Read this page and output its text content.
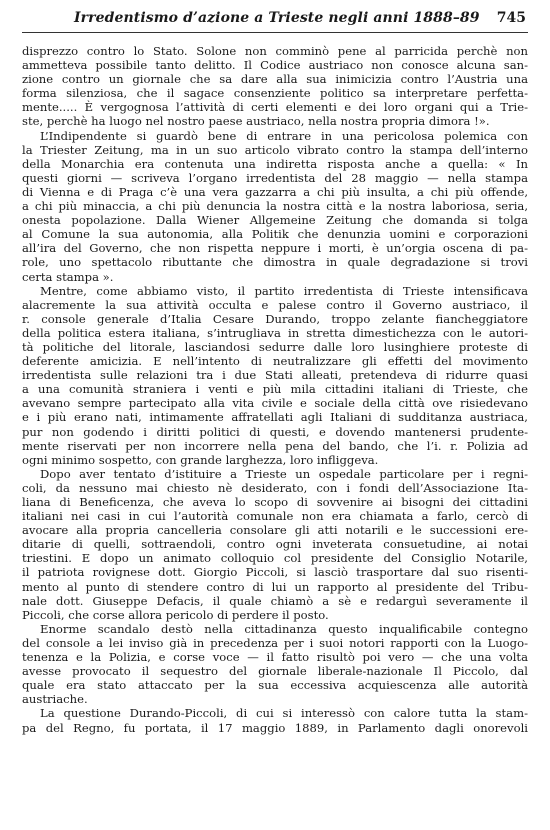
Irredentismo d’azione a Trieste negli anni 1888–89 745
disprezzo contro lo Stato. Solone non comminò pene al parricida perchè non
ammetteva possibile tanto delitto. Il Codice austriaco non conosce alcuna san-
zione contro un giornale che sa dare alla sua inimicizia contro l’Austria una
forma silenziosa, che il sagace consenziente politico sa interpretare perfetta-
mente..... È vergognosa l’attività di certi elementi e dei loro organi qui a Trie-
ste, perchè ha luogo nel nostro paese austriaco, nella nostra propria dimora !».
L’Indipendente si guardò bene di entrare in una pericolosa polemica con
la Triester Zeitung, ma in un suo articolo vibrato contro la stampa dell’interno
della Monarchia era contenuta una indiretta risposta anche a quella: « In
questi giorni — scriveva l’organo irredentista del 28 maggio — nella stampa
di Vienna e di Praga c’è una vera gazzarra a chi più insulta, a chi più offende,
a chi più minaccia, a chi più denuncia la nostra città e la nostra laboriosa, seria,
onesta popolazione. Dalla Wiener Allgemeine Zeitung che domanda si tolga
al Comune la sua autonomia, alla Politik che denunzia uomini e corporazioni
all’ira del Governo, che non rispetta neppure i morti, è un’orgia oscena di pa-
role, uno spettacolo ributtante che dimostra in quale degradazione si trovi
certa stampa ».
Mentre, come abbiamo visto, il partito irredentista di Trieste intensificava
alacremente la sua attività occulta e palese contro il Governo austriaco, il
r. console generale d’Italia Cesare Durando, troppo zelante fiancheggiatore
della politica estera italiana, s’intrugliava in stretta dimestichezza con le autori-
tà politiche del litorale, lasciandosi sedurre dalle loro lusinghiere proteste di
deferente amicizia. E nell’intento di neutralizzare gli effetti del movimento
irredentista sulle relazioni tra i due Stati alleati, pretendeva di ridurre quasi
a una comunità straniera i venti e più mila cittadini italiani di Trieste, che
avevano sempre partecipato alla vita civile e sociale della città ove risiedevano
e i più erano nati, intimamente affratellati agli Italiani di sudditanza austriaca,
pur non godendo i diritti politici di questi, e dovendo mantenersi prudente-
mente riservati per non incorrere nella pena del bando, che l’i. r. Polizia ad
ogni minimo sospetto, con grande larghezza, loro infliggeva.
Dopo aver tentato d’istituire a Trieste un ospedale particolare per i regni-
coli, da nessuno mai chiesto nè desiderato, con i fondi dell’Associazione Ita-
liana di Beneficenza, che aveva lo scopo di sovvenire ai bisogni dei cittadini
italiani nei casi in cui l’autorità comunale non era chiamata a farlo, cercò di
avocare alla propria cancelleria consolare gli atti notarili e le successioni ere-
ditarie di quelli, sottraendoli, contro ogni inveterata consuetudine, ai notai
triestini. E dopo un animato colloquio col presidente del Consiglio Notarile,
il patriota rovignese dott. Giorgio Piccoli, si lasciò trasportare dal suo risenti-
mento al punto di stendere contro di lui un rapporto al presidente del Tribu-
nale dott. Giuseppe Defacis, il quale chiamò a sè e redarguì severamente il
Piccoli, che corse allora pericolo di perdere il posto.
Enorme scandalo destò nella cittadinanza questo inqualificabile contegno
del console a lei inviso già in precedenza per i suoi notori rapporti con la Luogo-
tenenza e la Polizia, e corse voce — il fatto risultò poi vero — che una volta
avesse provocato il sequestro del giornale liberale-nazionale Il Piccolo, dal
quale era stato attaccato per la sua eccessiva acquiescenza alle autorità
austriache.
La questione Durando-Piccoli, di cui si interessò con calore tutta la stam-
pa del Regno, fu portata, il 17 maggio 1889, in Parlamento dagli onorevoli
